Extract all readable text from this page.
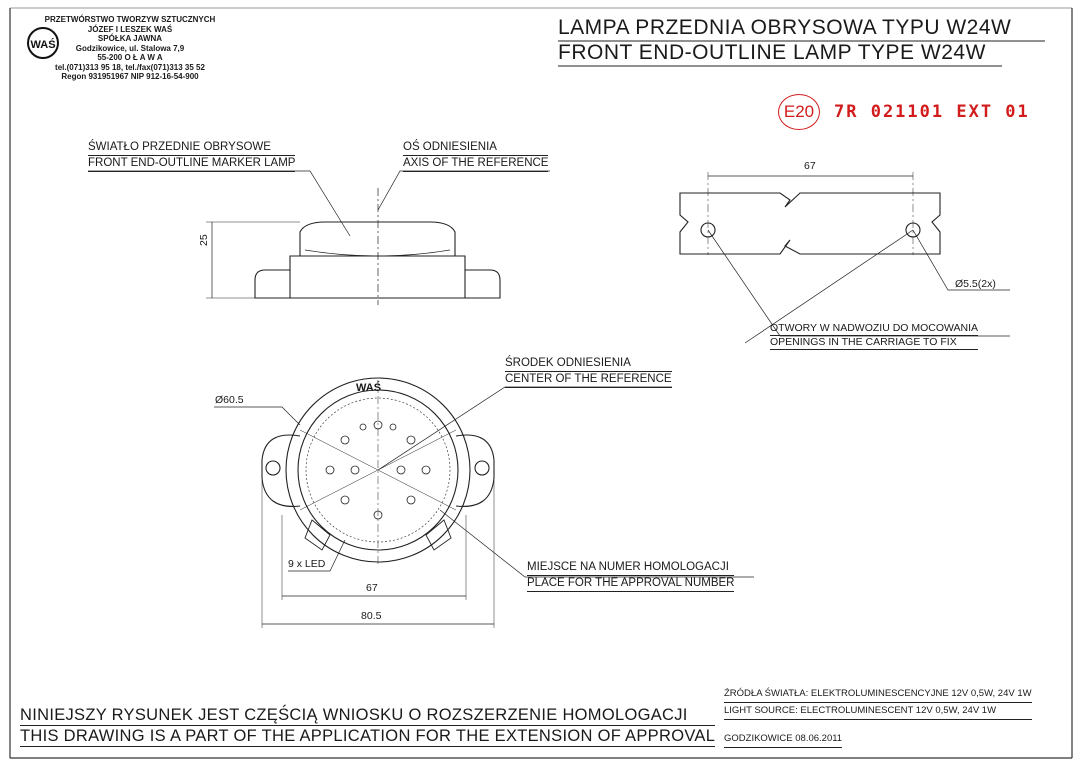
WAŚ
PRZETWÓRSTWO TWORZYW SZTUCZNYCH
JÓZEF I LESZEK WAŚ
SPÓŁKA JAWNA
Godzikowice, ul. Stalowa 7,9
55-200 O Ł A W A
tel.(071)313 95 18, tel./fax(071)313 35 52
Regon 931951967 NIP 912-16-54-900
LAMPA PRZEDNIA OBRYSOWA TYPU W24W
FRONT END-OUTLINE LAMP TYPE W24W
E20	7R 021101 EXT 01
ŚWIATŁO PRZEDNIE OBRYSOWE
FRONT END-OUTLINE MARKER LAMP
OŚ ODNIESIENIA
AXIS OF THE REFERENCE
25
ŚRODEK ODNIESIENIA
CENTER OF THE REFERENCE
Ø60.5
WAŚ
9 x LED	MIEJSCE NA NUMER HOMOLOGACJI
PLACE FOR THE APPROVAL NUMBER
67
80.5
67
Ø5.5(2x)
OTWORY W NADWOZIU DO MOCOWANIA
OPENINGS IN THE CARRIAGE TO FIX
NINIEJSZY RYSUNEK JEST CZĘŚCIĄ WNIOSKU O ROZSZERZENIE HOMOLOGACJI
THIS DRAWING IS A PART OF THE APPLICATION FOR THE EXTENSION OF APPROVAL
ŹRÓDŁA ŚWIATŁA: ELEKTROLUMINESCENCYJNE 12V 0,5W, 24V 1W
LIGHT SOURCE: ELECTROLUMINESCENT 12V 0,5W, 24V 1W
GODZIKOWICE 08.06.2011
